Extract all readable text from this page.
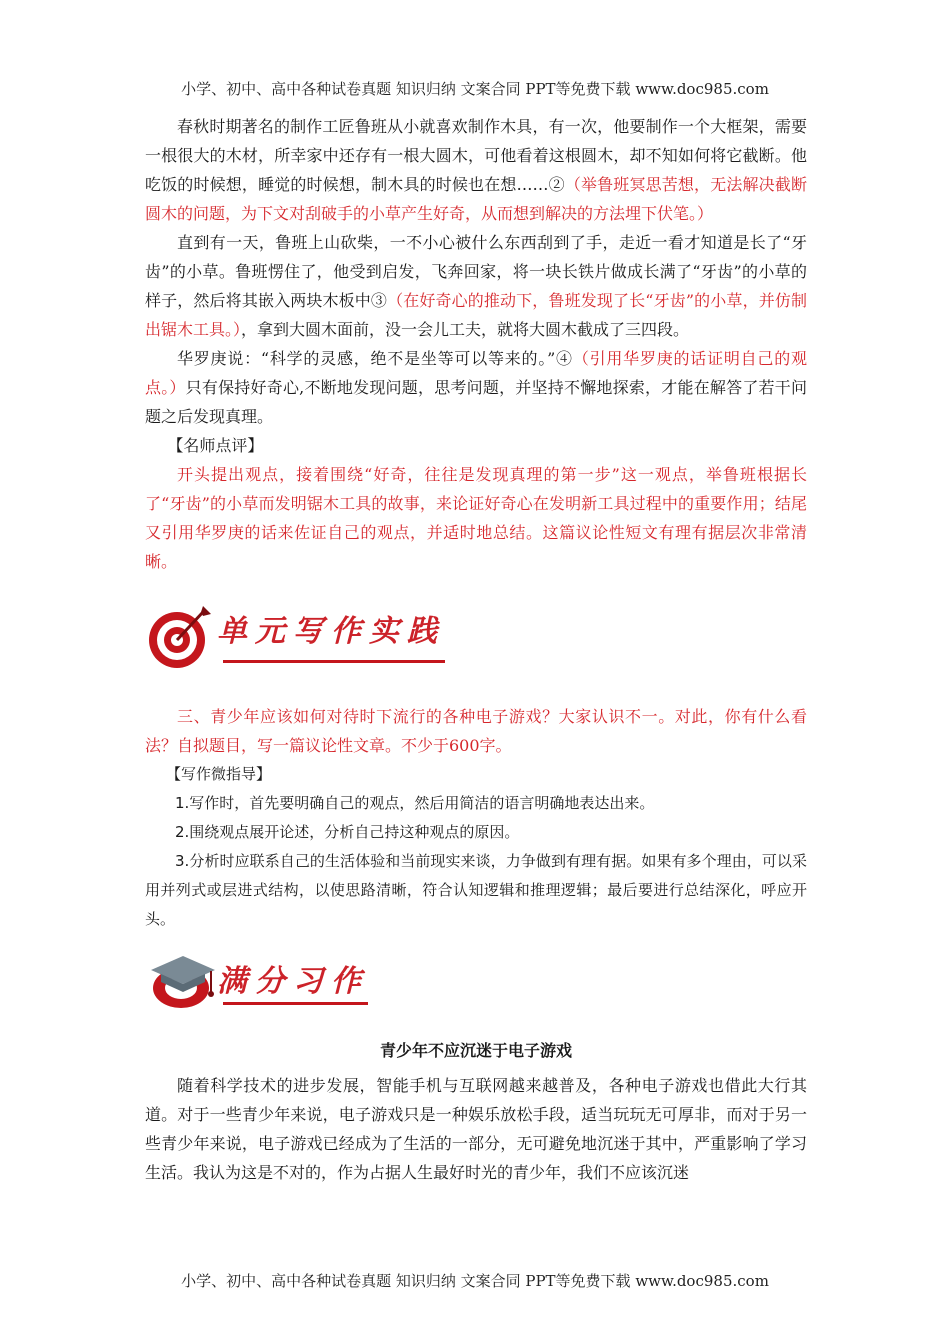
小学、初中、高中各种试卷真题 知识归纳 文案合同 PPT等免费下载 www.doc985.com

春秋时期著名的制作工匠鲁班从小就喜欢制作木具，有一次，他要制作一个大框架，需要一根很大的木材，所幸家中还存有一根大圆木，可他看着这根圆木，却不知如何将它截断。他吃饭的时候想，睡觉的时候想，制木具的时候也在想……②（举鲁班冥思苦想，无法解决截断圆木的问题，为下文对刮破手的小草产生好奇，从而想到解决的方法埋下伏笔。）

直到有一天，鲁班上山砍柴，一不小心被什么东西刮到了手，走近一看才知道是长了“牙齿”的小草。鲁班愣住了，他受到启发，飞奔回家，将一块长铁片做成长满了“牙齿”的小草的样子，然后将其嵌入两块木板中③（在好奇心的推动下，鲁班发现了长“牙齿”的小草，并仿制出锯木工具。），拿到大圆木面前，没一会儿工夫，就将大圆木截成了三四段。

华罗庚说：“科学的灵感，绝不是坐等可以等来的。”④（引用华罗庚的话证明自己的观点。）只有保持好奇心,不断地发现问题，思考问题，并坚持不懈地探索，才能在解答了若干问题之后发现真理。

【名师点评】

开头提出观点，接着围绕“好奇，往往是发现真理的第一步”这一观点，举鲁班根据长了“牙齿”的小草而发明锯木工具的故事，来论证好奇心在发明新工具过程中的重要作用；结尾又引用华罗庚的话来佐证自己的观点，并适时地总结。这篇议论性短文有理有据层次非常清晰。

单元写作实践

三、青少年应该如何对待时下流行的各种电子游戏？大家认识不一。对此，你有什么看法？自拟题目，写一篇议论性文章。不少于600字。

【写作微指导】

1.写作时，首先要明确自己的观点，然后用简洁的语言明确地表达出来。

2.围绕观点展开论述，分析自己持这种观点的原因。

3.分析时应联系自己的生活体验和当前现实来谈，力争做到有理有据。如果有多个理由，可以采用并列式或层进式结构，以使思路清晰，符合认知逻辑和推理逻辑；最后要进行总结深化，呼应开头。

满分习作

青少年不应沉迷于电子游戏

随着科学技术的进步发展，智能手机与互联网越来越普及，各种电子游戏也借此大行其道。对于一些青少年来说，电子游戏只是一种娱乐放松手段，适当玩玩无可厚非，而对于另一些青少年来说，电子游戏已经成为了生活的一部分，无可避免地沉迷于其中，严重影响了学习生活。我认为这是不对的，作为占据人生最好时光的青少年，我们不应该沉迷

小学、初中、高中各种试卷真题 知识归纳 文案合同 PPT等免费下载 www.doc985.com
